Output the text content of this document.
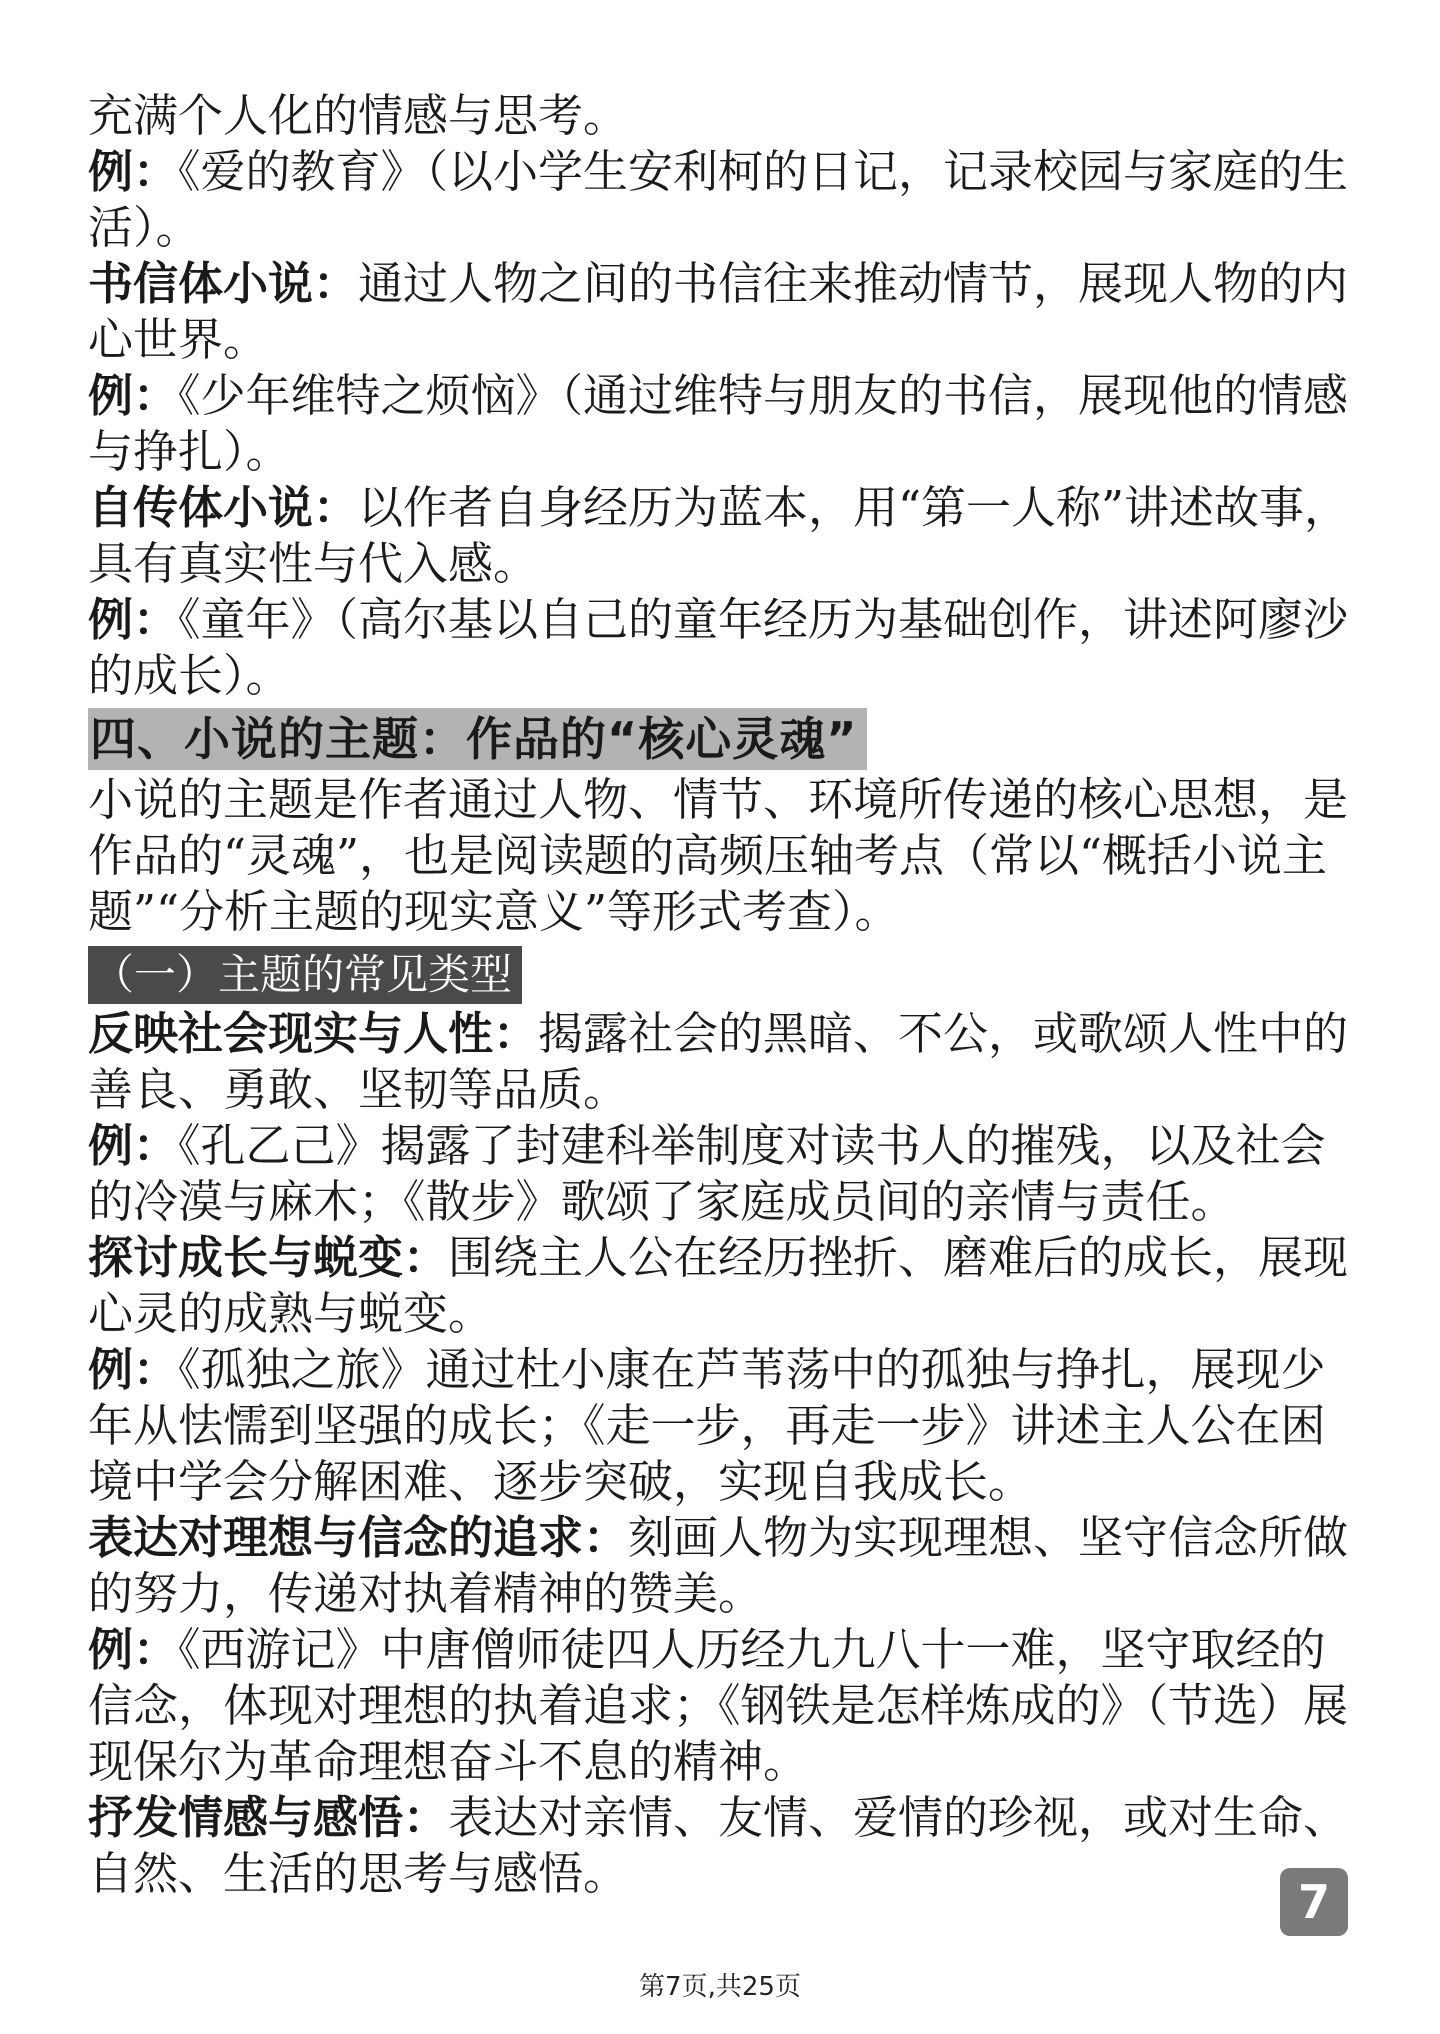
充满个人化的情感与思考。

例：《爱的教育》（以小学生安利柯的日记，记录校园与家庭的生活）。

书信体小说：通过人物之间的书信往来推动情节，展现人物的内心世界。

例：《少年维特之烦恼》（通过维特与朋友的书信，展现他的情感与挣扎）。

自传体小说：以作者自身经历为蓝本，用“第一人称”讲述故事，具有真实性与代入感。

例：《童年》（高尔基以自己的童年经历为基础创作，讲述阿廖沙的成长）。

四、小说的主题：作品的“核心灵魂”

小说的主题是作者通过人物、情节、环境所传递的核心思想，是作品的“灵魂”，也是阅读题的高频压轴考点（常以“概括小说主题”“分析主题的现实意义”等形式考查）。

（一）主题的常见类型

反映社会现实与人性：揭露社会的黑暗、不公，或歌颂人性中的善良、勇敢、坚韧等品质。

例：《孔乙己》揭露了封建科举制度对读书人的摧残，以及社会的冷漠与麻木；《散步》歌颂了家庭成员间的亲情与责任。

探讨成长与蜕变：围绕主人公在经历挫折、磨难后的成长，展现心灵的成熟与蜕变。

例：《孤独之旅》通过杜小康在芦苇荡中的孤独与挣扎，展现少年从怯懦到坚强的成长；《走一步，再走一步》讲述主人公在困境中学会分解困难、逐步突破，实现自我成长。

表达对理想与信念的追求：刻画人物为实现理想、坚守信念所做的努力，传递对执着精神的赞美。

例：《西游记》中唐僧师徒四人历经九九八十一难，坚守取经的信念，体现对理想的执着追求；《钢铁是怎样炼成的》（节选）展现保尔为革命理想奋斗不息的精神。

抒发情感与感悟：表达对亲情、友情、爱情的珍视，或对生命、自然、生活的思考与感悟。

7
第7页,共25页
